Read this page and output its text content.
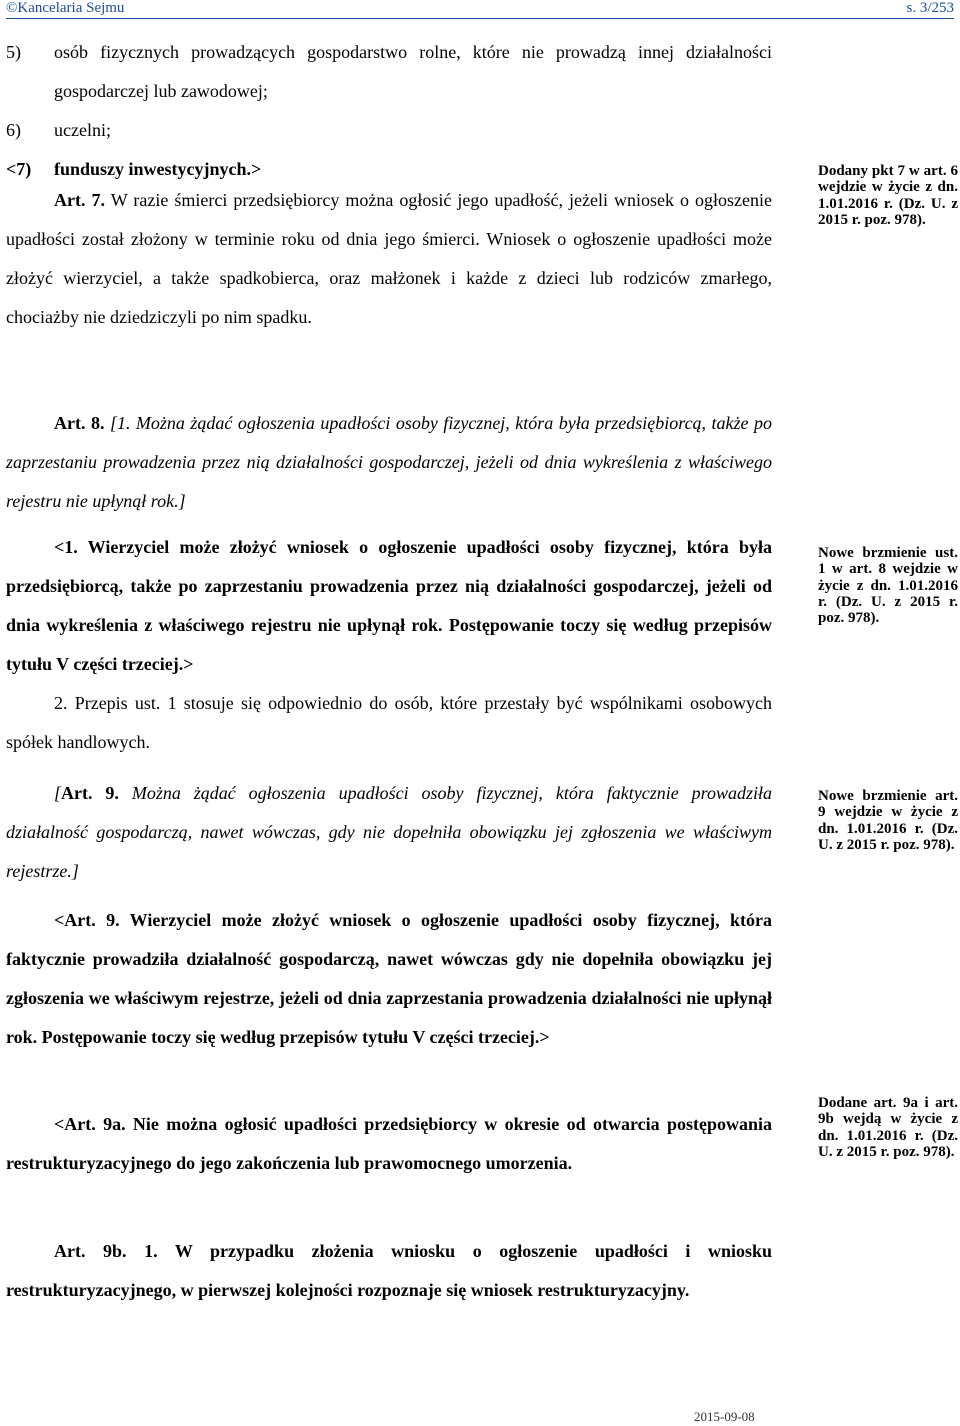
©Kancelaria Sejmu	s. 3/253

5) osób fizycznych prowadzących gospodarstwo rolne, które nie prowadzą innej działalności gospodarczej lub zawodowej;

6) uczelni;

<7) funduszy inwestycyjnych.>

Art. 7. W razie śmierci przedsiębiorcy można ogłosić jego upadłość, jeżeli wniosek o ogłoszenie upadłości został złożony w terminie roku od dnia jego śmierci. Wniosek o ogłoszenie upadłości może złożyć wierzyciel, a także spadkobierca, oraz małżonek i każde z dzieci lub rodziców zmarłego, chociażby nie dziedziczyli po nim spadku.

Art. 8. [1. Można żądać ogłoszenia upadłości osoby fizycznej, która była przedsiębiorcą, także po zaprzestaniu prowadzenia przez nią działalności gospodarczej, jeżeli od dnia wykreślenia z właściwego rejestru nie upłynął rok.]

<1. Wierzyciel może złożyć wniosek o ogłoszenie upadłości osoby fizycznej, która była przedsiębiorcą, także po zaprzestaniu prowadzenia przez nią działalności gospodarczej, jeżeli od dnia wykreślenia z właściwego rejestru nie upłynął rok. Postępowanie toczy się według przepisów tytułu V części trzeciej.>

2. Przepis ust. 1 stosuje się odpowiednio do osób, które przestały być wspólnikami osobowych spółek handlowych.

[Art. 9. Można żądać ogłoszenia upadłości osoby fizycznej, która faktycznie prowadziła działalność gospodarczą, nawet wówczas, gdy nie dopełniła obowiązku jej zgłoszenia we właściwym rejestrze.]

<Art. 9. Wierzyciel może złożyć wniosek o ogłoszenie upadłości osoby fizycznej, która faktycznie prowadziła działalność gospodarczą, nawet wówczas gdy nie dopełniła obowiązku jej zgłoszenia we właściwym rejestrze, jeżeli od dnia zaprzestania prowadzenia działalności nie upłynął rok. Postępowanie toczy się według przepisów tytułu V części trzeciej.>

<Art. 9a. Nie można ogłosić upadłości przedsiębiorcy w okresie od otwarcia postępowania restrukturyzacyjnego do jego zakończenia lub prawomocnego umorzenia.

Art. 9b. 1. W przypadku złożenia wniosku o ogłoszenie upadłości i wniosku restrukturyzacyjnego, w pierwszej kolejności rozpoznaje się wniosek restrukturyzacyjny.

Dodany pkt 7 w art. 6 wejdzie w życie z dn. 1.01.2016 r. (Dz. U. z 2015 r. poz. 978).
Nowe brzmienie ust. 1 w art. 8 wejdzie w życie z dn. 1.01.2016 r. (Dz. U. z 2015 r. poz. 978).
Nowe brzmienie art. 9 wejdzie w życie z dn. 1.01.2016 r. (Dz. U. z 2015 r. poz. 978).
Dodane art. 9a i art. 9b wejdą w życie z dn. 1.01.2016 r. (Dz. U. z 2015 r. poz. 978).
2015-09-08
